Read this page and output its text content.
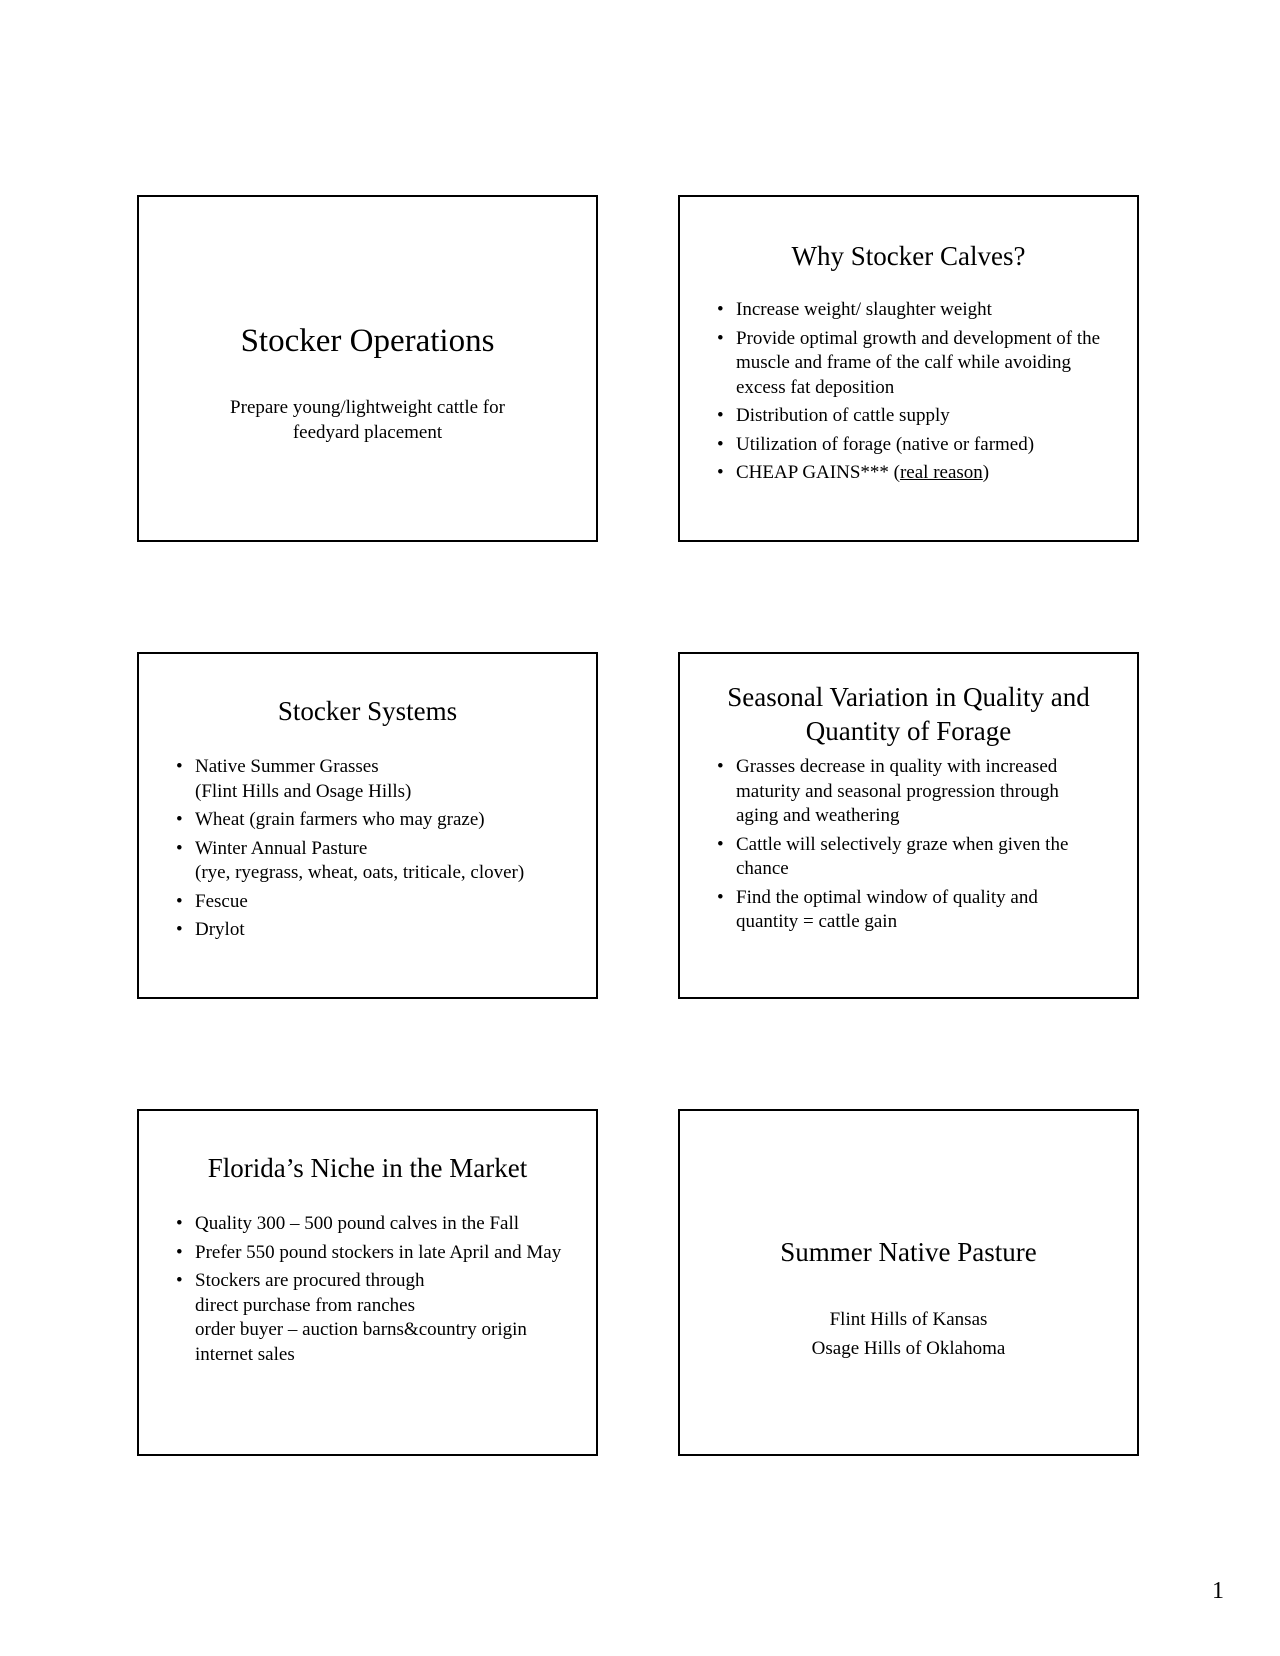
Stocker Operations
Prepare young/lightweight cattle for
feedyard placement
Why Stocker Calves?
• Increase weight/ slaughter weight
• Provide optimal growth and development of the muscle and frame of the calf while avoiding excess fat deposition
• Distribution of cattle supply
• Utilization of forage (native or farmed)
• CHEAP GAINS*** (real reason)
Stocker Systems
• Native Summer Grasses
(Flint Hills and Osage Hills)
• Wheat (grain farmers who may graze)
• Winter Annual Pasture
(rye, ryegrass, wheat, oats, triticale, clover)
• Fescue
• Drylot
Seasonal Variation in Quality and
Quantity of Forage
• Grasses decrease in quality with increased maturity and seasonal progression through aging and weathering
• Cattle will selectively graze when given the chance
• Find the optimal window of quality and quantity = cattle gain
Florida’s Niche in the Market
• Quality 300 – 500 pound calves in the Fall
• Prefer 550 pound stockers in late April and May
• Stockers are procured through
direct purchase from ranches
order buyer – auction barns&country origin
internet sales
Summer Native Pasture
Flint Hills of Kansas
Osage Hills of Oklahoma
1
